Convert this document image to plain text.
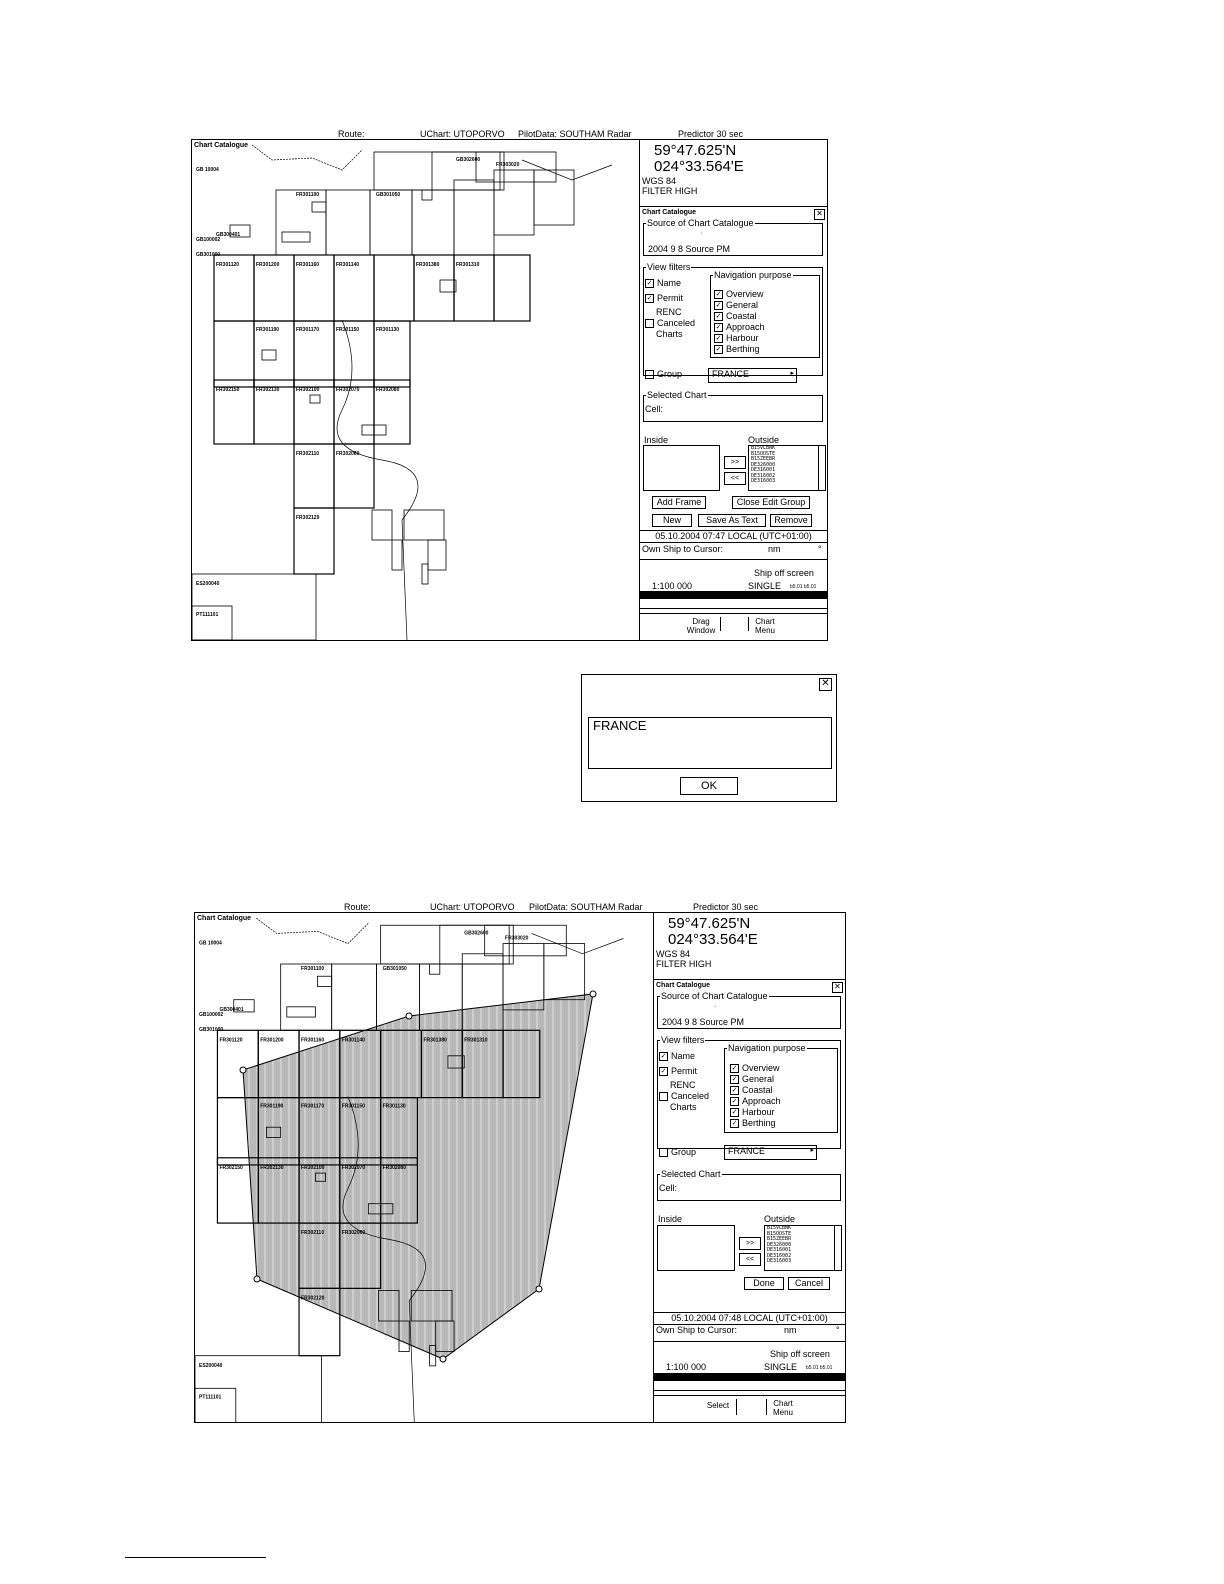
Route:	UChart: UTOPORVO PilotData: SOUTHAM Radar	Predictor 30 sec
Chart Catalogue
GB 10004
GB100002
FR301120	FR301160
FR301170
FR302100
FR302110
FR302120
FR302130
FR302150
FR301190	FR301150
FR302060
FR302070
FR301140
FR301100
FR301310
FR301200
FR302080
FR301130
FR301380
GB300401
GB301000
GB301050
GB302600
FR303020
ES200040
PT111101
59°47.625'N
024°33.564'E
WGS 84
FILTER HIGH
Chart Catalogue	✕
Source of Chart Catalogue
·
2004 9 8 Source PM
View filters
✓ Name
✓ Permit
RENC
Canceled
Charts
Navigation purpose
✓ Overview
✓ General
✓ Coastal
✓ Approach
✓ Harbour
✓ Berthing
Group	FRANCE	▸
Selected Chart
Cell:
Inside	Outside
>>
<<
B15VLBNK
B15OOSTE
B15ZEEBR
DE326000
DE316001
DE316002
DE316003
Add Frame	Close Edit Group
New	Save As Text	Remove
05.10.2004 07:47 LOCAL (UTC+01:00)
Own Ship to Cursor:	nm	°
Ship off screen
1:100 000	SINGLE	b5.01 b5.01
Drag
Window
Chart
Menu
✕
FRANCE
OK
Route:	UChart: UTOPORVO PilotData: SOUTHAM Radar	Predictor 30 sec
Chart Catalogue
GB 10004
GB100002
FR301120	FR301160
FR301170
FR302100
FR302110
FR302120
FR302130
FR302150
FR301190	FR301150
FR302060
FR302070
FR301140
FR301100
FR301310
FR301200
FR302080
FR301130
FR301380
GB300401
GB301000
GB301050
GB302600
FR303020
ES200040
PT111101
59°47.625'N
024°33.564'E
WGS 84
FILTER HIGH
Chart Catalogue	✕
Source of Chart Catalogue
·
2004 9 8 Source PM
View filters
✓ Name
✓ Permit
RENC
Canceled
Charts
Navigation purpose
✓ Overview
✓ General
✓ Coastal
✓ Approach
✓ Harbour
✓ Berthing
Group	FRANCE	▸
Selected Chart
Cell:
Inside	Outside
>>
<<
B15VLBNK
B15OOSTE
B15ZEEBR
DE326000
DE316001
DE316002
DE316003
Done	Cancel
05.10.2004 07:48 LOCAL (UTC+01:00)
Own Ship to Cursor:	nm	°
Ship off screen
1:100 000	SINGLE	b5.01 b5.01
Select	Chart
Menu
